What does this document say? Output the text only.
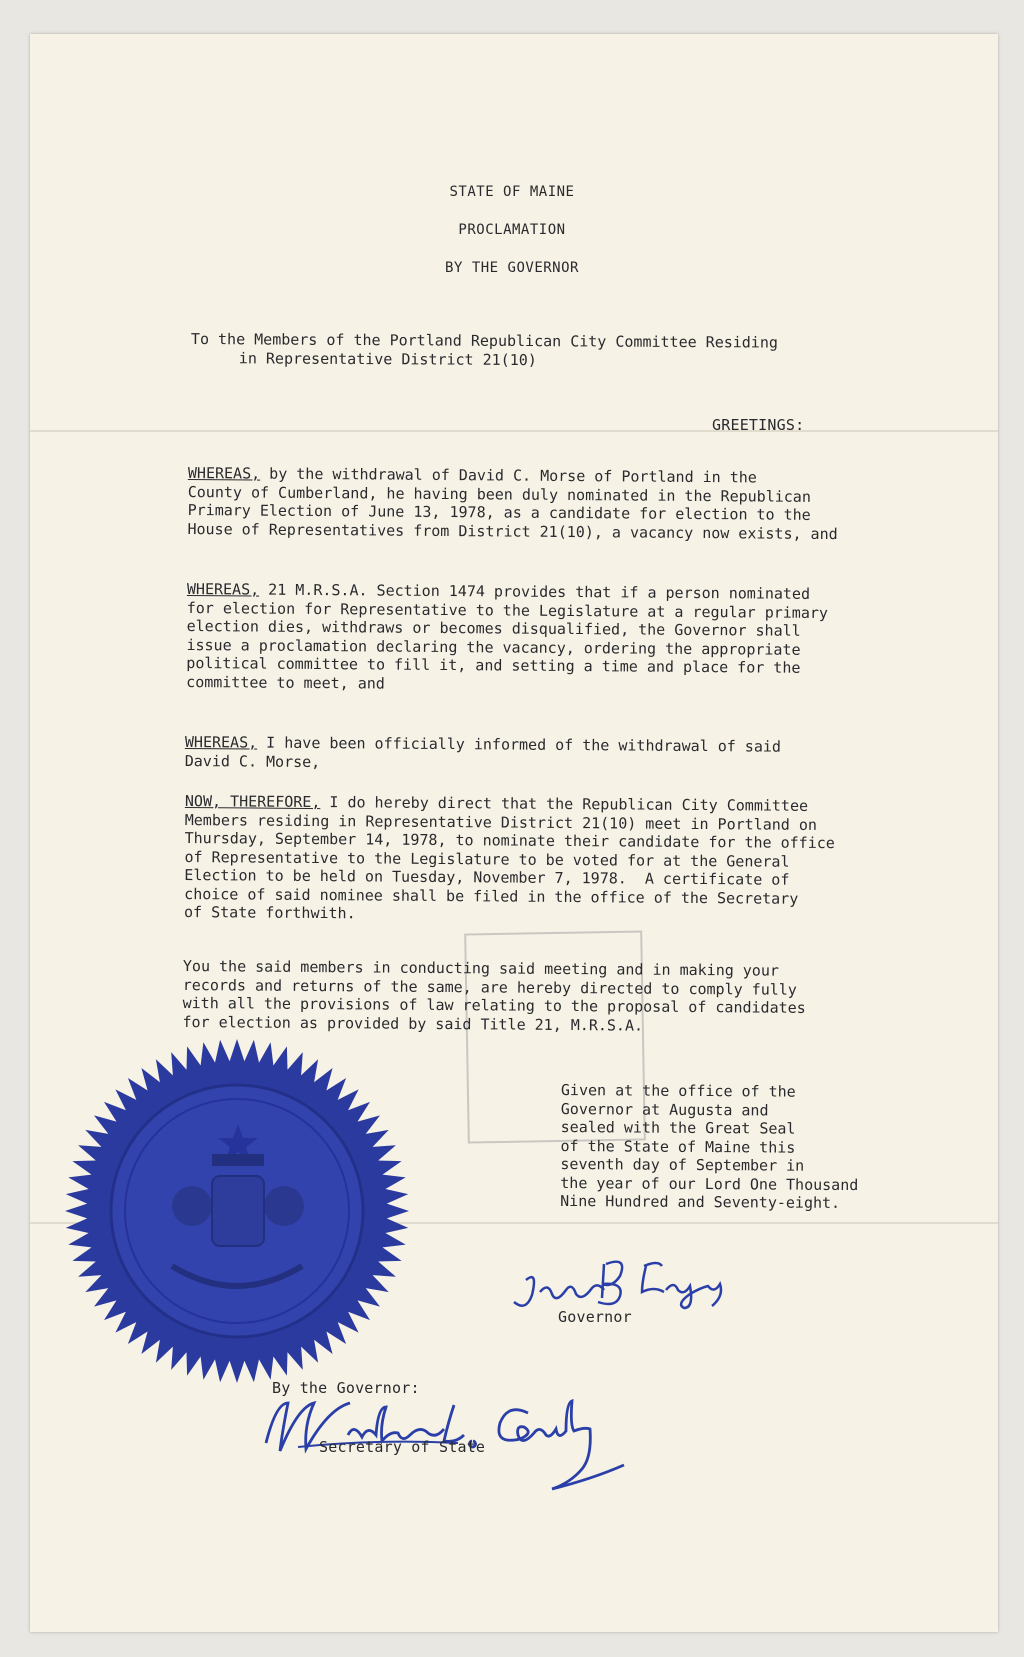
STATE OF MAINE
PROCLAMATION
BY THE GOVERNOR
To the Members of the Portland Republican City Committee Residing
in Representative District 21(10)
GREETINGS:
WHEREAS, by the withdrawal of David C. Morse of Portland in the
County of Cumberland, he having been duly nominated in the Republican
Primary Election of June 13, 1978, as a candidate for election to the
House of Representatives from District 21(10), a vacancy now exists, and
WHEREAS, 21 M.R.S.A. Section 1474 provides that if a person nominated
for election for Representative to the Legislature at a regular primary
election dies, withdraws or becomes disqualified, the Governor shall
issue a proclamation declaring the vacancy, ordering the appropriate
political committee to fill it, and setting a time and place for the
committee to meet, and
WHEREAS, I have been officially informed of the withdrawal of said
David C. Morse,
NOW, THEREFORE, I do hereby direct that the Republican City Committee
Members residing in Representative District 21(10) meet in Portland on
Thursday, September 14, 1978, to nominate their candidate for the office
of Representative to the Legislature to be voted for at the General
Election to be held on Tuesday, November 7, 1978.  A certificate of
choice of said nominee shall be filed in the office of the Secretary
of State forthwith.
You the said members in conducting said meeting and in making your
records and returns of the same, are hereby directed to comply fully
with all the provisions of law relating to the proposal of candidates
for election as provided by said Title 21, M.R.S.A.
Given at the office of the
Governor at Augusta and
sealed with the Great Seal
of the State of Maine this
seventh day of September in
the year of our Lord One Thousand
Nine Hundred and Seventy-eight.
Governor
By the Governor:
Secretary of State
